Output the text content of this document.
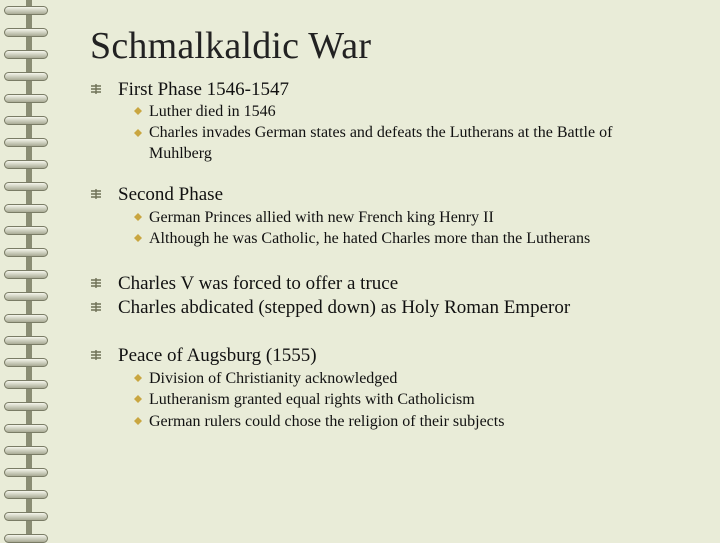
Schmalkaldic War
First Phase 1546-1547
Luther died in 1546
Charles invades German states and defeats the Lutherans at the Battle of Muhlberg
Second Phase
German Princes allied with new French king Henry II
Although he was Catholic, he hated Charles more than the Lutherans
Charles V was forced to offer a truce
Charles abdicated (stepped down) as Holy Roman Emperor
Peace of Augsburg (1555)
Division of Christianity acknowledged
Lutheranism granted equal rights with Catholicism
German rulers could chose the religion of their subjects
